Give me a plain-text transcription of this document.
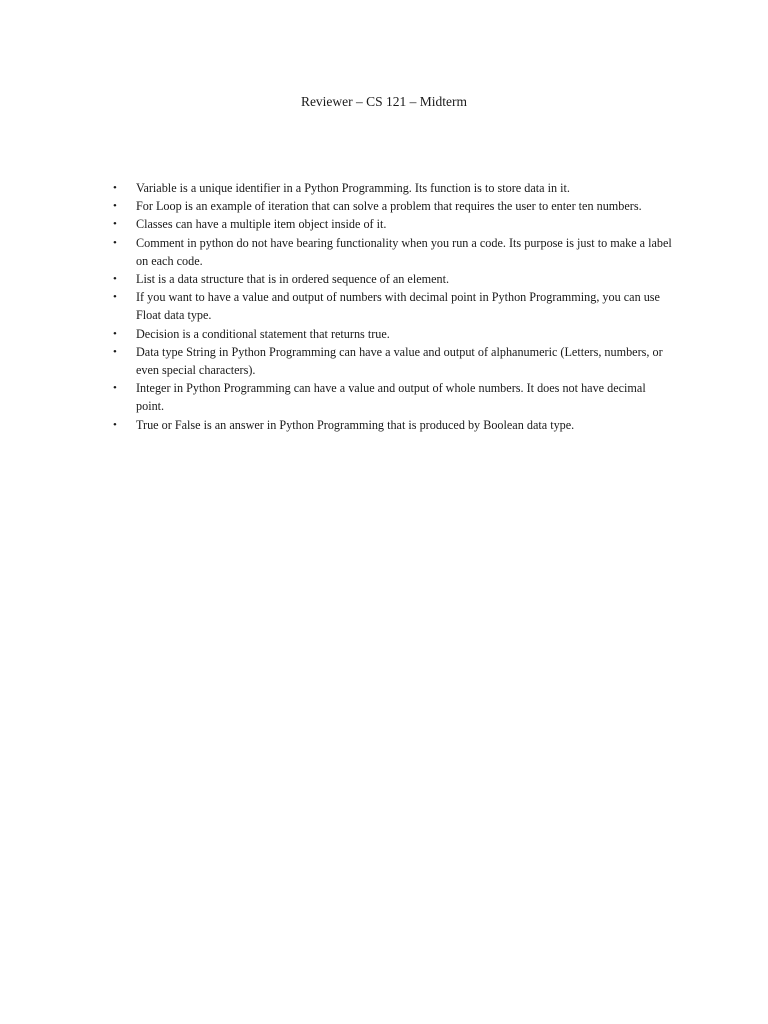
Reviewer – CS 121 – Midterm
•	Variable is a unique identifier in a Python Programming. Its function is to store data in it.
•	For Loop is an example of iteration that can solve a problem that requires the user to enter ten numbers.
•	Classes can have a multiple item object inside of it.
•	Comment in python do not have bearing functionality when you run a code. Its purpose is just to make a label on each code.
•	List is a data structure that is in ordered sequence of an element.
•	If you want to have a value and output of numbers with decimal point in Python Programming, you can use Float data type.
•	Decision is a conditional statement that returns true.
•	Data type String in Python Programming can have a value and output of alphanumeric (Letters, numbers, or even special characters).
•	Integer in Python Programming can have a value and output of whole numbers. It does not have decimal point.
•	True or False is an answer in Python Programming that is produced by Boolean data type.
